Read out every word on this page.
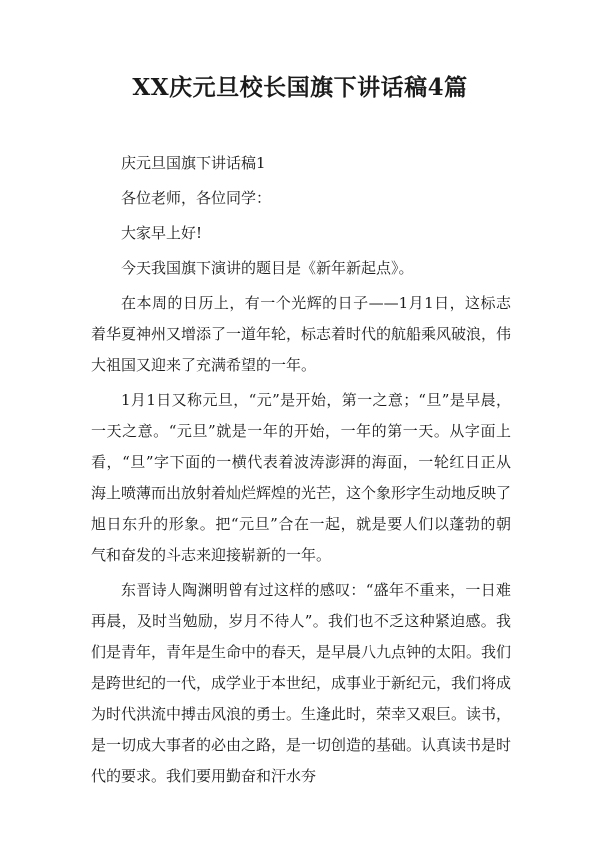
XX庆元旦校长国旗下讲话稿4篇

庆元旦国旗下讲话稿1

各位老师，各位同学：

大家早上好!

今天我国旗下演讲的题目是《新年新起点》。

在本周的日历上，有一个光辉的日子——1月1日，这标志着华夏神州又增添了一道年轮，标志着时代的航船乘风破浪，伟大祖国又迎来了充满希望的一年。

1月1日又称元旦，“元”是开始，第一之意；“旦”是早晨，一天之意。“元旦”就是一年的开始，一年的第一天。从字面上看，“旦”字下面的一横代表着波涛澎湃的海面，一轮红日正从海上喷薄而出放射着灿烂辉煌的光芒，这个象形字生动地反映了旭日东升的形象。把“元旦”合在一起，就是要人们以蓬勃的朝气和奋发的斗志来迎接崭新的一年。

东晋诗人陶渊明曾有过这样的感叹：“盛年不重来，一日难再晨，及时当勉励，岁月不待人”。我们也不乏这种紧迫感。我们是青年，青年是生命中的春天，是早晨八九点钟的太阳。我们是跨世纪的一代，成学业于本世纪，成事业于新纪元，我们将成为时代洪流中搏击风浪的勇士。生逢此时，荣幸又艰巨。读书，是一切成大事者的必由之路，是一切创造的基础。认真读书是时代的要求。我们要用勤奋和汗水夯
